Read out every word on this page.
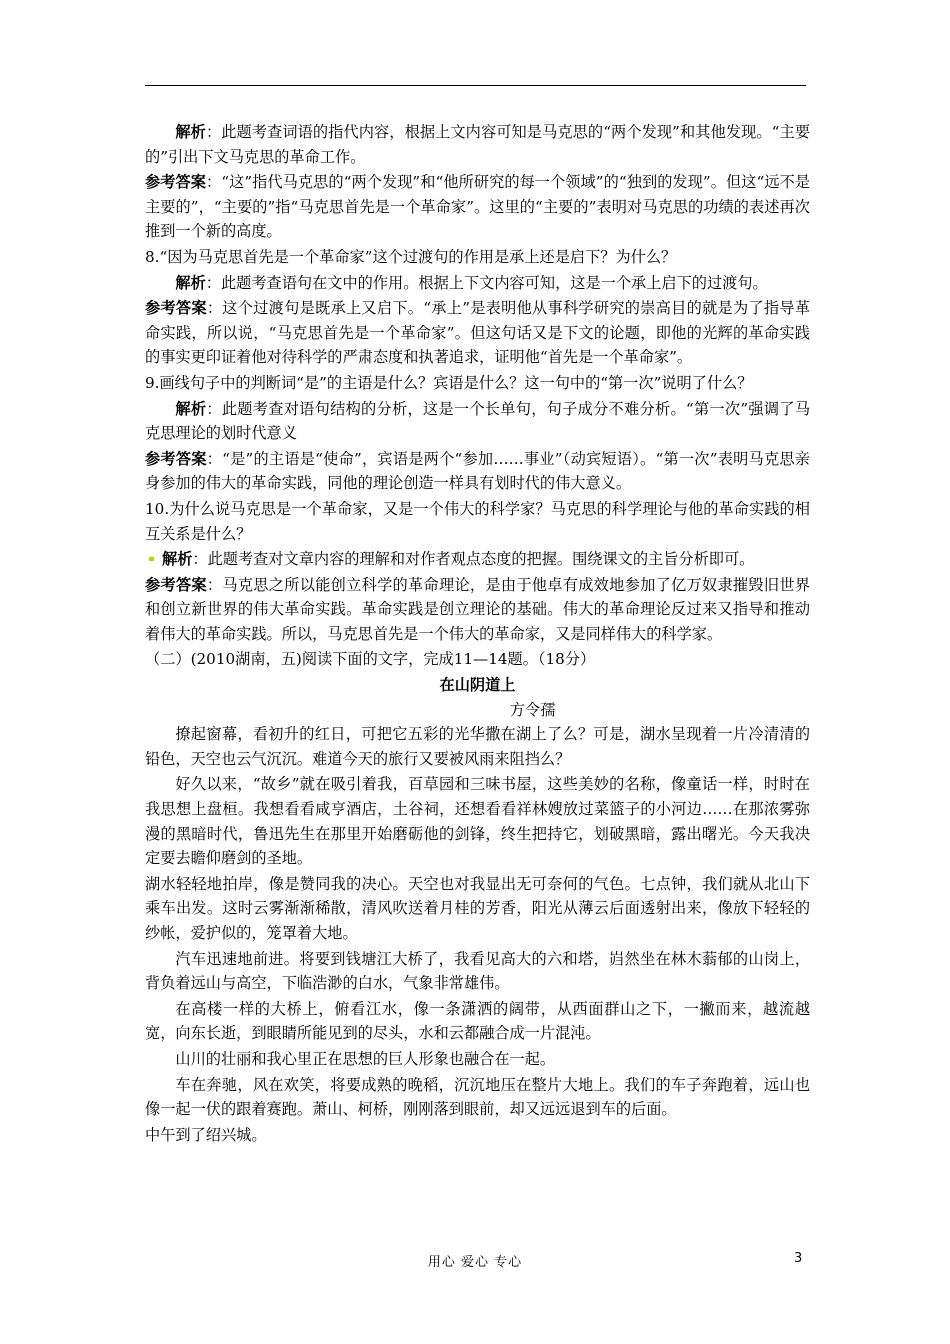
解析：此题考查词语的指代内容，根据上文内容可知是马克思的“两个发现”和其他发现。“主要的”引出下文马克思的革命工作。

参考答案：“这”指代马克思的“两个发现”和“他所研究的每一个领域”的“独到的发现”。但这“远不是主要的”，“主要的”指“马克思首先是一个革命家”。这里的“主要的”表明对马克思的功绩的表述再次推到一个新的高度。

8.“因为马克思首先是一个革命家”这个过渡句的作用是承上还是启下？为什么？

解析：此题考查语句在文中的作用。根据上下文内容可知，这是一个承上启下的过渡句。

参考答案：这个过渡句是既承上又启下。“承上”是表明他从事科学研究的崇高目的就是为了指导革命实践，所以说，“马克思首先是一个革命家”。但这句话又是下文的论题，即他的光辉的革命实践的事实更印证着他对待科学的严肃态度和执著追求，证明他“首先是一个革命家”。

9.画线句子中的判断词“是”的主语是什么？宾语是什么？这一句中的“第一次”说明了什么？

解析：此题考查对语句结构的分析，这是一个长单句，句子成分不难分析。“第一次”强调了马克思理论的划时代意义

参考答案：“是”的主语是“使命”，宾语是两个“参加……事业”（动宾短语）。“第一次”表明马克思亲身参加的伟大的革命实践，同他的理论创造一样具有划时代的伟大意义。

10.为什么说马克思是一个革命家，又是一个伟大的科学家？马克思的科学理论与他的革命实践的相互关系是什么？

解析：此题考查对文章内容的理解和对作者观点态度的把握。围绕课文的主旨分析即可。

参考答案：马克思之所以能创立科学的革命理论，是由于他卓有成效地参加了亿万奴隶摧毁旧世界和创立新世界的伟大革命实践。革命实践是创立理论的基础。伟大的革命理论反过来又指导和推动着伟大的革命实践。所以，马克思首先是一个伟大的革命家，又是同样伟大的科学家。

（二）(2010湖南，五)阅读下面的文字，完成11—14题。（18分）

在山阴道上

方令孺

撩起窗幕，看初升的红日，可把它五彩的光华撒在湖上了么？可是，湖水呈现着一片冷清清的铅色，天空也云气沉沉。难道今天的旅行又要被风雨来阻挡么？

好久以来，“故乡”就在吸引着我，百草园和三味书屋，这些美妙的名称，像童话一样，时时在我思想上盘桓。我想看看咸亨酒店，土谷祠，还想看看祥林嫂放过菜篮子的小河边……在那浓雾弥漫的黑暗时代，鲁迅先生在那里开始磨砺他的剑锋，终生把持它，划破黑暗，露出曙光。今天我决定要去瞻仰磨剑的圣地。

湖水轻轻地拍岸，像是赞同我的决心。天空也对我显出无可奈何的气色。七点钟，我们就从北山下乘车出发。这时云雾渐渐稀散，清风吹送着月桂的芳香，阳光从薄云后面透射出来，像放下轻轻的纱帐，爱护似的，笼罩着大地。

汽车迅速地前进。将要到钱塘江大桥了，我看见高大的六和塔，岿然坐在林木蓊郁的山岗上，背负着远山与高空，下临浩渺的白水，气象非常雄伟。

在高楼一样的大桥上，俯看江水，像一条潇洒的阔带，从西面群山之下，一撇而来，越流越宽，向东长逝，到眼睛所能见到的尽头，水和云都融合成一片混沌。

山川的壮丽和我心里正在思想的巨人形象也融合在一起。

车在奔驰，风在欢笑，将要成熟的晚稻，沉沉地压在整片大地上。我们的车子奔跑着，远山也像一起一伏的跟着赛跑。萧山、柯桥，刚刚落到眼前，却又远远退到车的后面。

中午到了绍兴城。

用心 爱心 专心	3
